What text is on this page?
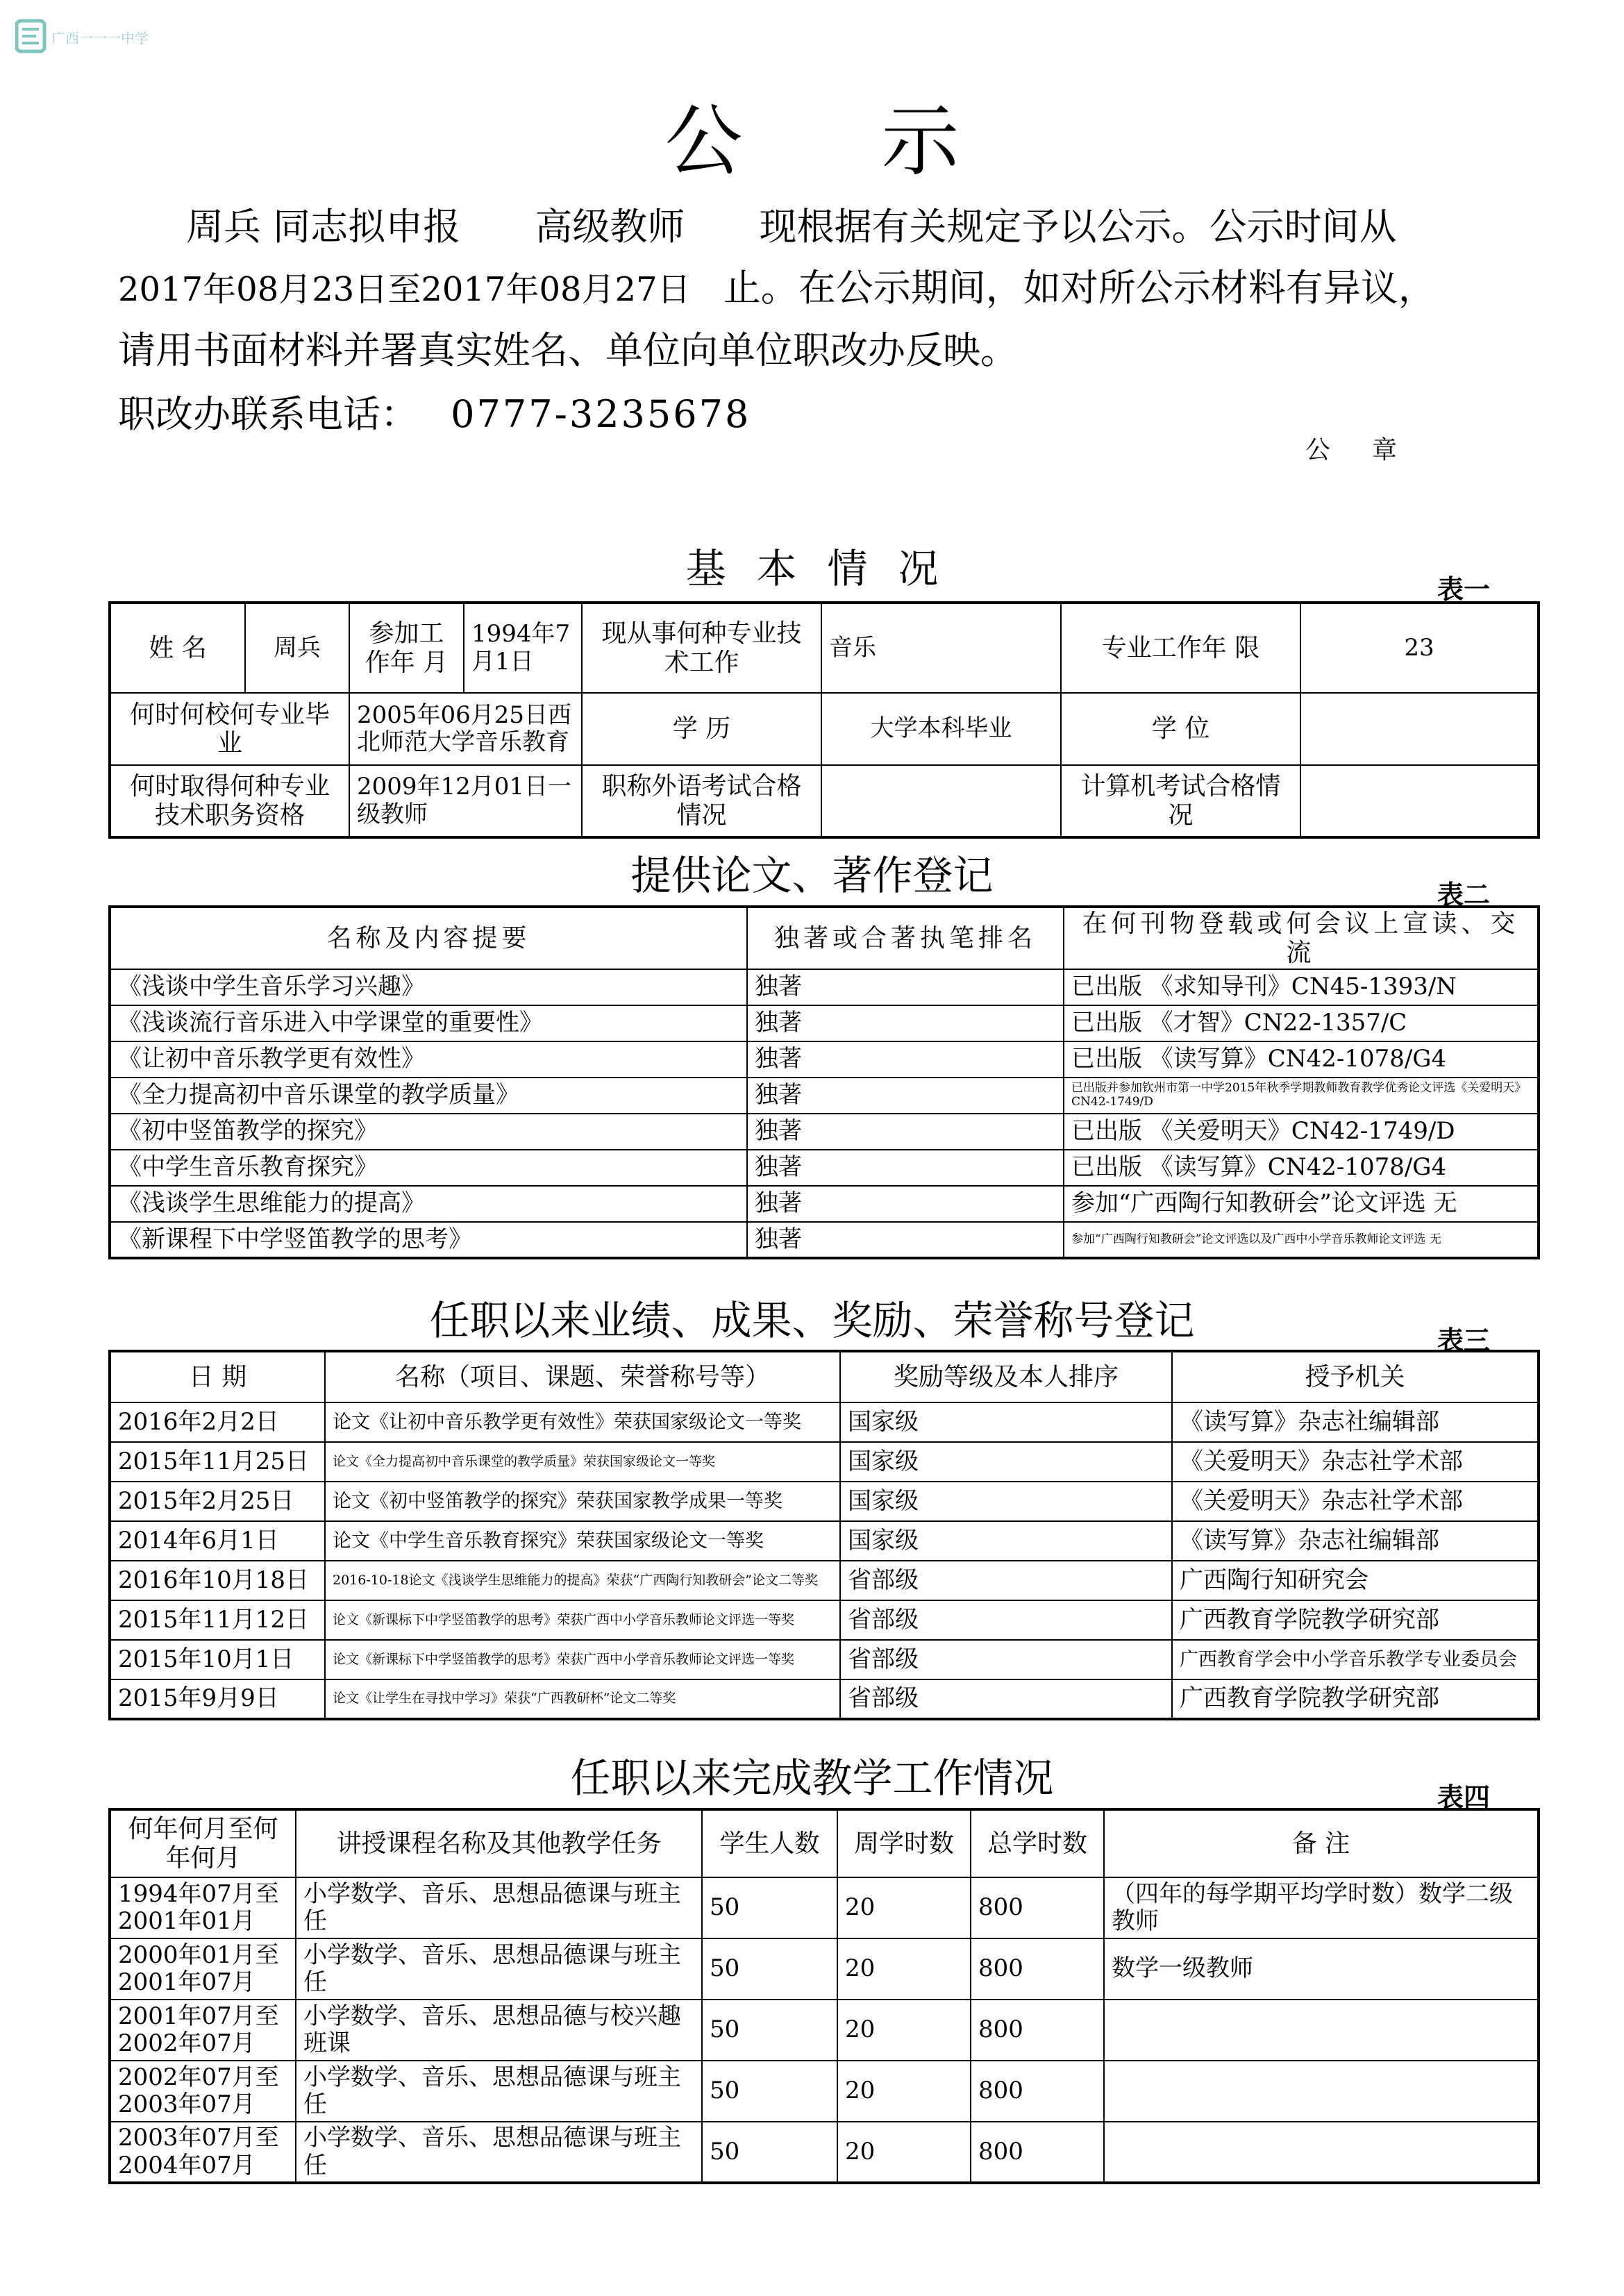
广西一一一中学
公示
周兵 同志拟申报 高级教师 现根据有关规定予以公示。公示时间从
2017年08月23日至2017年08月27日 止。在公示期间，如对所公示材料有异议，
请用书面材料并署真实姓名、单位向单位职改办反映。
职改办联系电话： 0777-3235678
公章
基本情况	表一
姓 名	周兵	参加工作年 月	1994年7月1日	现从事何种专业技术工作	音乐	专业工作年 限	23
何时何校何专业毕 业		2005年06月25日西北师范大学音乐教育		学 历	大学本科毕业	学 位	
何时取得何种专业技术职务资格		2009年12月01日一级教师		职称外语考试合格情况		计算机考试合格情况	
提供论文、著作登记	表二
名称及内容提要	独著或合著执笔排名	在何刊物登载或何会议上宣读、交流
《浅谈中学生音乐学习兴趣》	独著	已出版 《求知导刊》CN45-1393/N
《浅谈流行音乐进入中学课堂的重要性》	独著	已出版 《才智》CN22-1357/C
《让初中音乐教学更有效性》	独著	已出版 《读写算》CN42-1078/G4
《全力提高初中音乐课堂的教学质量》	独著	已出版并参加钦州市第一中学2015年秋季学期教师教育教学优秀论文评选《关爱明天》CN42-1749/D
《初中竖笛教学的探究》	独著	已出版 《关爱明天》CN42-1749/D
《中学生音乐教育探究》	独著	已出版 《读写算》CN42-1078/G4
《浅谈学生思维能力的提高》	独著	参加“广西陶行知教研会”论文评选 无
《新课程下中学竖笛教学的思考》	独著	参加“广西陶行知教研会”论文评选以及广西中小学音乐教师论文评选 无
任职以来业绩、成果、奖励、荣誉称号登记	表三
日 期	名称（项目、课题、荣誉称号等）	奖励等级及本人排序	授予机关
2016年2月2日	论文《让初中音乐教学更有效性》荣获国家级论文一等奖	国家级	《读写算》杂志社编辑部
2015年11月25日	论文《全力提高初中音乐课堂的教学质量》荣获国家级论文一等奖	国家级	《关爱明天》杂志社学术部
2015年2月25日	论文《初中竖笛教学的探究》荣获国家教学成果一等奖	国家级	《关爱明天》杂志社学术部
2014年6月1日	论文《中学生音乐教育探究》荣获国家级论文一等奖	国家级	《读写算》杂志社编辑部
2016年10月18日	2016-10-18论文《浅谈学生思维能力的提高》荣获“广西陶行知教研会”论文二等奖	省部级	广西陶行知研究会
2015年11月12日	论文《新课标下中学竖笛教学的思考》荣获广西中小学音乐教师论文评选一等奖	省部级	广西教育学院教学研究部
2015年10月1日	论文《新课标下中学竖笛教学的思考》荣获广西中小学音乐教师论文评选一等奖	省部级	广西教育学会中小学音乐教学专业委员会
2015年9月9日	论文《让学生在寻找中学习》荣获“广西教研杯”论文二等奖	省部级	广西教育学院教学研究部
任职以来完成教学工作情况	表四
何年何月至何年何月	讲授课程名称及其他教学任务	学生人数	周学时数	总学时数	备 注
1994年07月至2001年01月	小学数学、音乐、思想品德课与班主任	50	20	800	（四年的每学期平均学时数）数学二级教师
2000年01月至2001年07月	小学数学、音乐、思想品德课与班主任	50	20	800	数学一级教师
2001年07月至2002年07月	小学数学、音乐、思想品德与校兴趣班课	50	20	800	
2002年07月至2003年07月	小学数学、音乐、思想品德课与班主任	50	20	800	
2003年07月至2004年07月	小学数学、音乐、思想品德课与班主任	50	20	800	
